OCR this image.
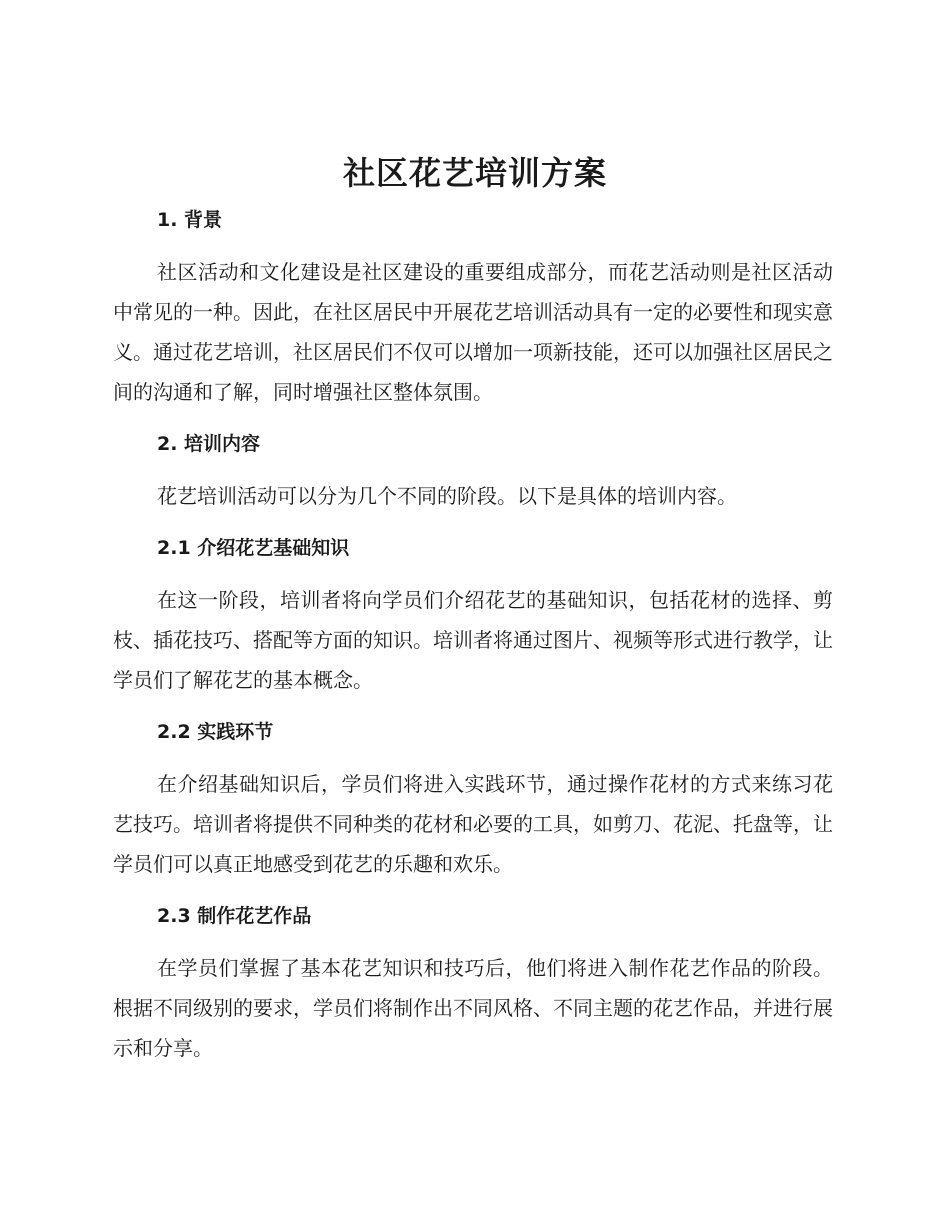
社区花艺培训方案
1. 背景

社区活动和文化建设是社区建设的重要组成部分，而花艺活动则是社区活动中常见的一种。因此，在社区居民中开展花艺培训活动具有一定的必要性和现实意义。通过花艺培训，社区居民们不仅可以增加一项新技能，还可以加强社区居民之间的沟通和了解，同时增强社区整体氛围。

2. 培训内容

花艺培训活动可以分为几个不同的阶段。以下是具体的培训内容。

2.1 介绍花艺基础知识

在这一阶段，培训者将向学员们介绍花艺的基础知识，包括花材的选择、剪枝、插花技巧、搭配等方面的知识。培训者将通过图片、视频等形式进行教学，让学员们了解花艺的基本概念。

2.2 实践环节

在介绍基础知识后，学员们将进入实践环节，通过操作花材的方式来练习花艺技巧。培训者将提供不同种类的花材和必要的工具，如剪刀、花泥、托盘等，让学员们可以真正地感受到花艺的乐趣和欢乐。

2.3 制作花艺作品

在学员们掌握了基本花艺知识和技巧后，他们将进入制作花艺作品的阶段。根据不同级别的要求，学员们将制作出不同风格、不同主题的花艺作品，并进行展示和分享。
